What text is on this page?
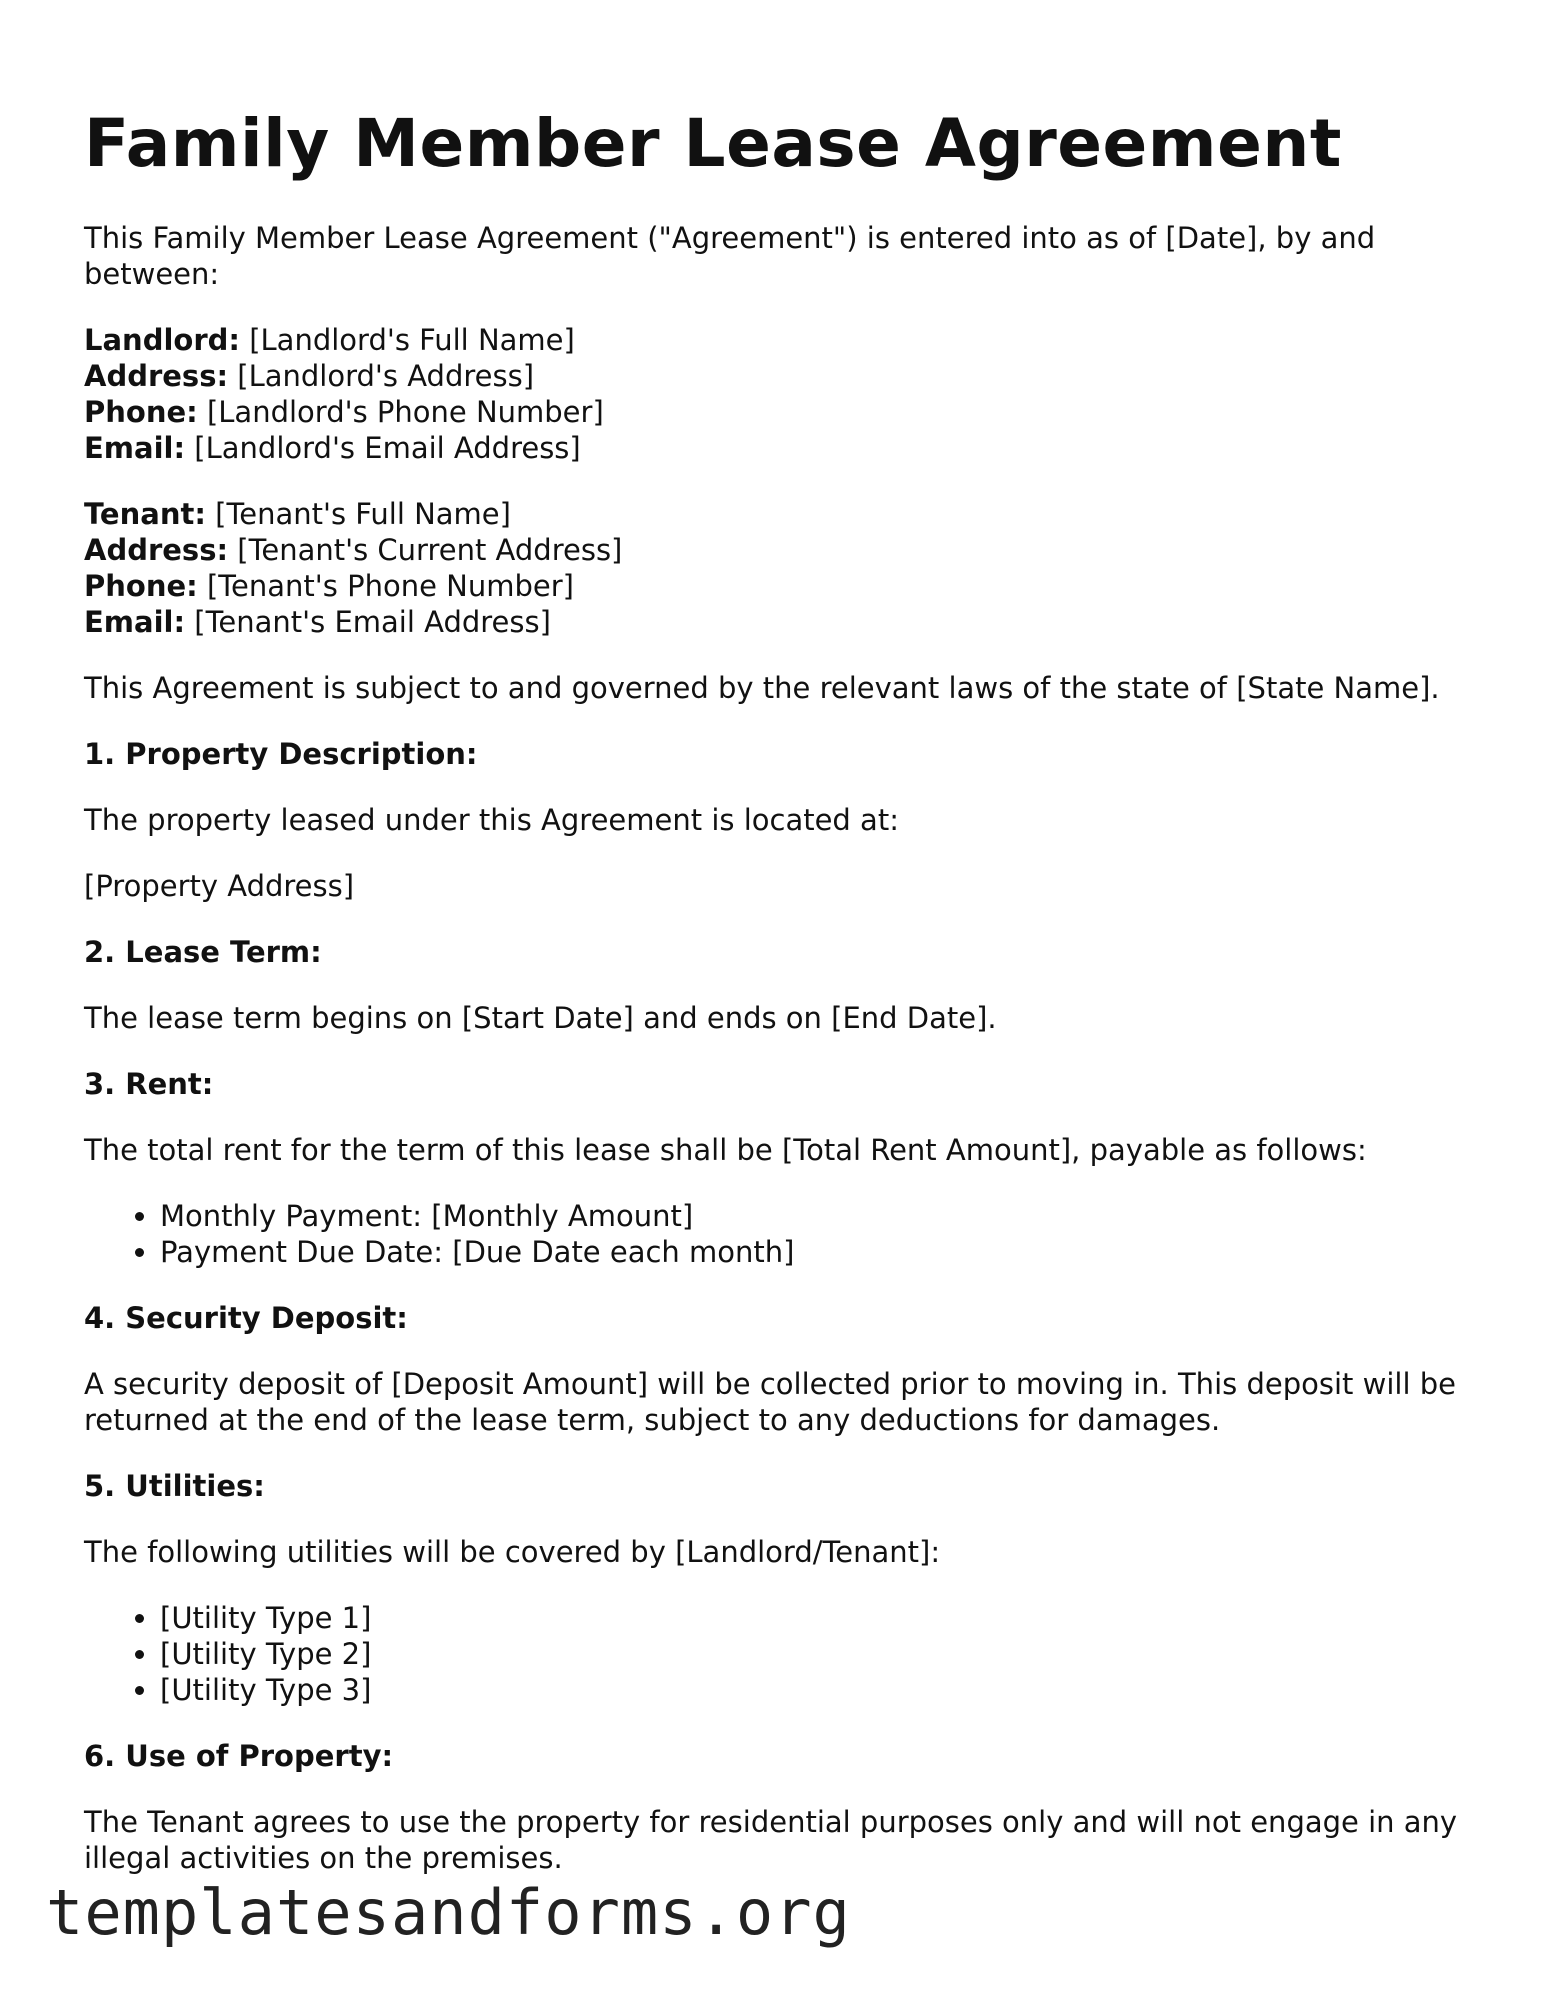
Family Member Lease Agreement

This Family Member Lease Agreement ("Agreement") is entered into as of [Date], by and between:

Landlord: [Landlord's Full Name]
Address: [Landlord's Address]
Phone: [Landlord's Phone Number]
Email: [Landlord's Email Address]

Tenant: [Tenant's Full Name]
Address: [Tenant's Current Address]
Phone: [Tenant's Phone Number]
Email: [Tenant's Email Address]

This Agreement is subject to and governed by the relevant laws of the state of [State Name].

1. Property Description:

The property leased under this Agreement is located at:

[Property Address]

2. Lease Term:

The lease term begins on [Start Date] and ends on [End Date].

3. Rent:

The total rent for the term of this lease shall be [Total Rent Amount], payable as follows:

• Monthly Payment: [Monthly Amount]
• Payment Due Date: [Due Date each month]
4. Security Deposit:

A security deposit of [Deposit Amount] will be collected prior to moving in. This deposit will be returned at the end of the lease term, subject to any deductions for damages.

5. Utilities:

The following utilities will be covered by [Landlord/Tenant]:

• [Utility Type 1]
• [Utility Type 2]
• [Utility Type 3]
6. Use of Property:

The Tenant agrees to use the property for residential purposes only and will not engage in any illegal activities on the premises.

templatesandforms.org
